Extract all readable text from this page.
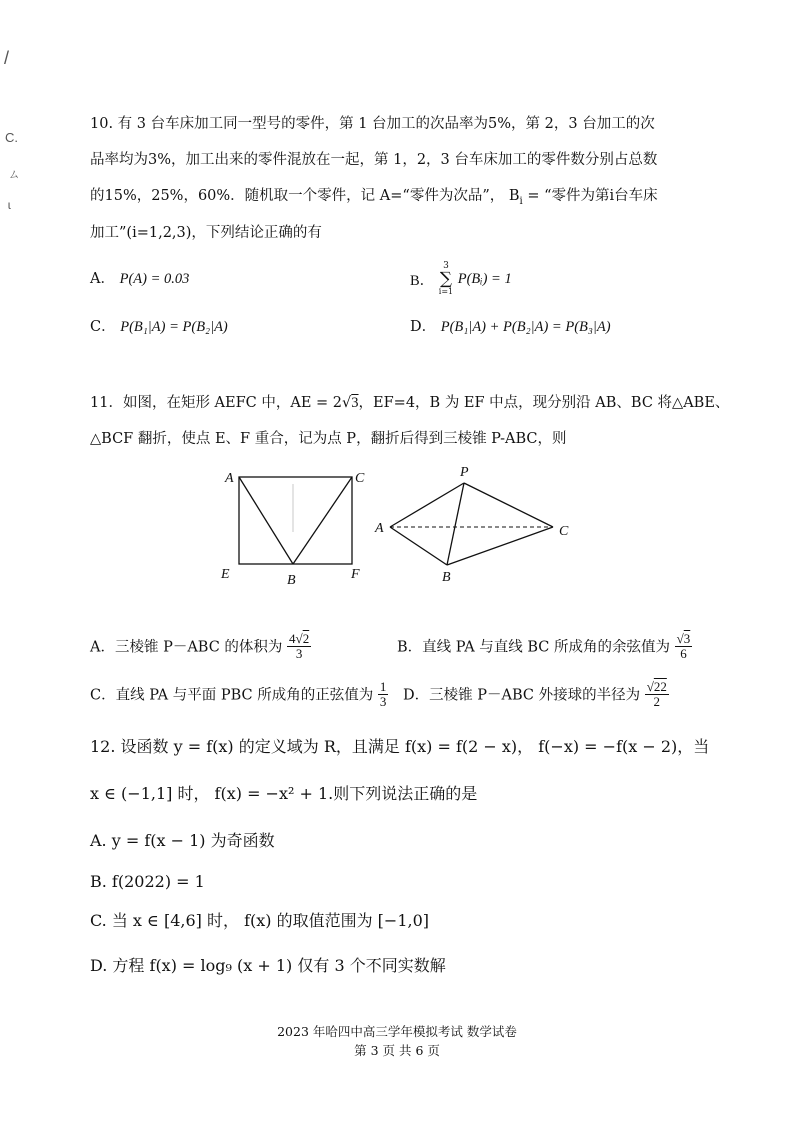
/
C.
ㄙ
ɩ
10. 有 3 台车床加工同一型号的零件，第 1 台加工的次品率为5%，第 2，3 台加工的次
品率均为3%，加工出来的零件混放在一起，第 1，2，3 台车床加工的零件数分别占总数
的15%，25%，60%．随机取一个零件，记 A=“零件为次品”， $B_i$ = “零件为第i台车床
加工”(i=1,2,3)，下列结论正确的有
A． P(A) = 0.03	B．
3
∑
i=1
P(Bᵢ) = 1
C． P(B₁|A) = P(B₂|A)	D． P(B₁|A) + P(B₂|A) = P(B₃|A)
11．如图，在矩形 AEFC 中，AE = 2√3，EF=4，B 为 EF 中点，现分别沿 AB、BC 将△ABE、
△BCF 翻折，使点 E、F 重合，记为点 P，翻折后得到三棱锥 P-ABC，则
A	C
E	B	F
P
A	C
B
A．三棱锥 P－ABC 的体积为 $\frac{4√2}{3}$	B．直线 PA 与直线 BC 所成角的余弦值为 $\frac{√3}{6}$
C．直线 PA 与平面 PBC 所成角的正弦值为 $\frac{1}{3}$ D．三棱锥 P－ABC 外接球的半径为 $\frac{√22}{2}$
12. 设函数 y = f(x) 的定义域为 R，且满足 f(x) = f(2 − x)， f(−x) = −f(x − 2)，当
x ∈ (−1,1] 时， f(x) = −x² + 1.则下列说法正确的是
A. y = f(x − 1) 为奇函数
B. f(2022) = 1
C. 当 x ∈ [4,6] 时， f(x) 的取值范围为 [−1,0]
D. 方程 f(x) = log₉ (x + 1) 仅有 3 个不同实数解
2023 年哈四中高三学年模拟考试 数学试卷
第 3 页 共 6 页
